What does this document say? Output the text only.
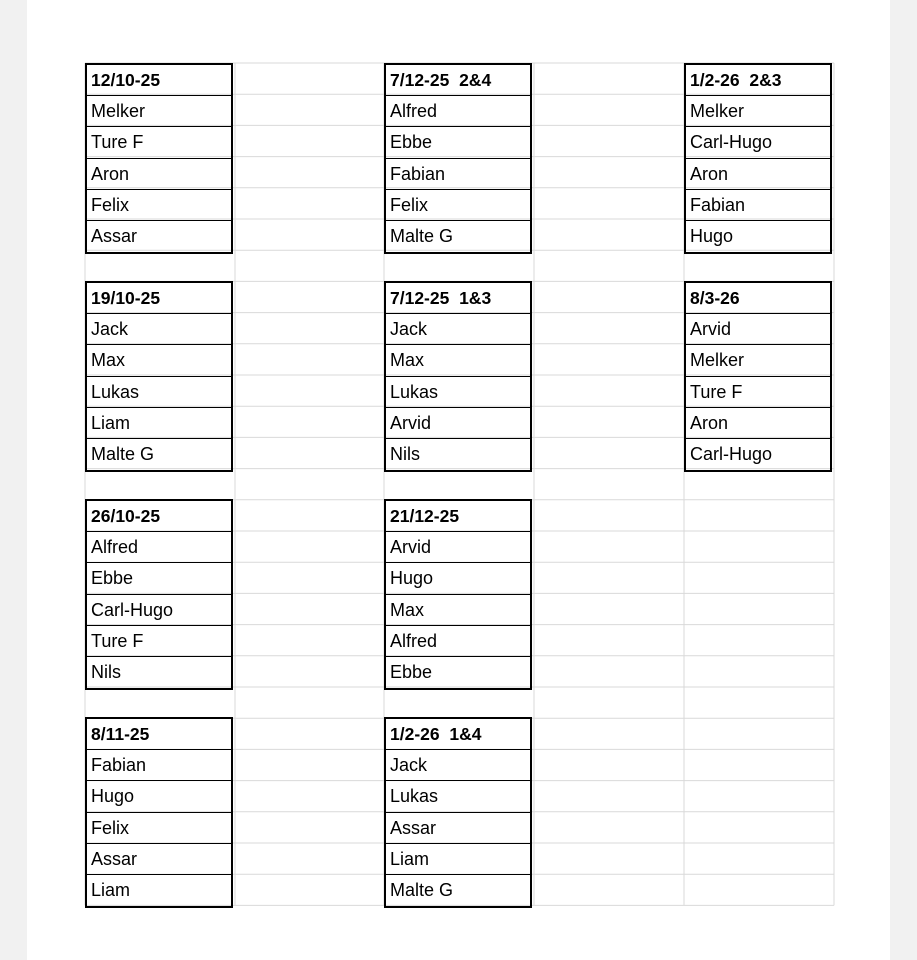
12/10-25
Melker
Ture F
Aron
Felix
Assar
19/10-25
Jack
Max
Lukas
Liam
Malte G
26/10-25
Alfred
Ebbe
Carl-Hugo
Ture F
Nils
8/11-25
Fabian
Hugo
Felix
Assar
Liam
7/12-25  2&4
Alfred
Ebbe
Fabian
Felix
Malte G
7/12-25  1&3
Jack
Max
Lukas
Arvid
Nils
21/12-25
Arvid
Hugo
Max
Alfred
Ebbe
1/2-26  1&4
Jack
Lukas
Assar
Liam
Malte G
1/2-26  2&3
Melker
Carl-Hugo
Aron
Fabian
Hugo
8/3-26
Arvid
Melker
Ture F
Aron
Carl-Hugo
